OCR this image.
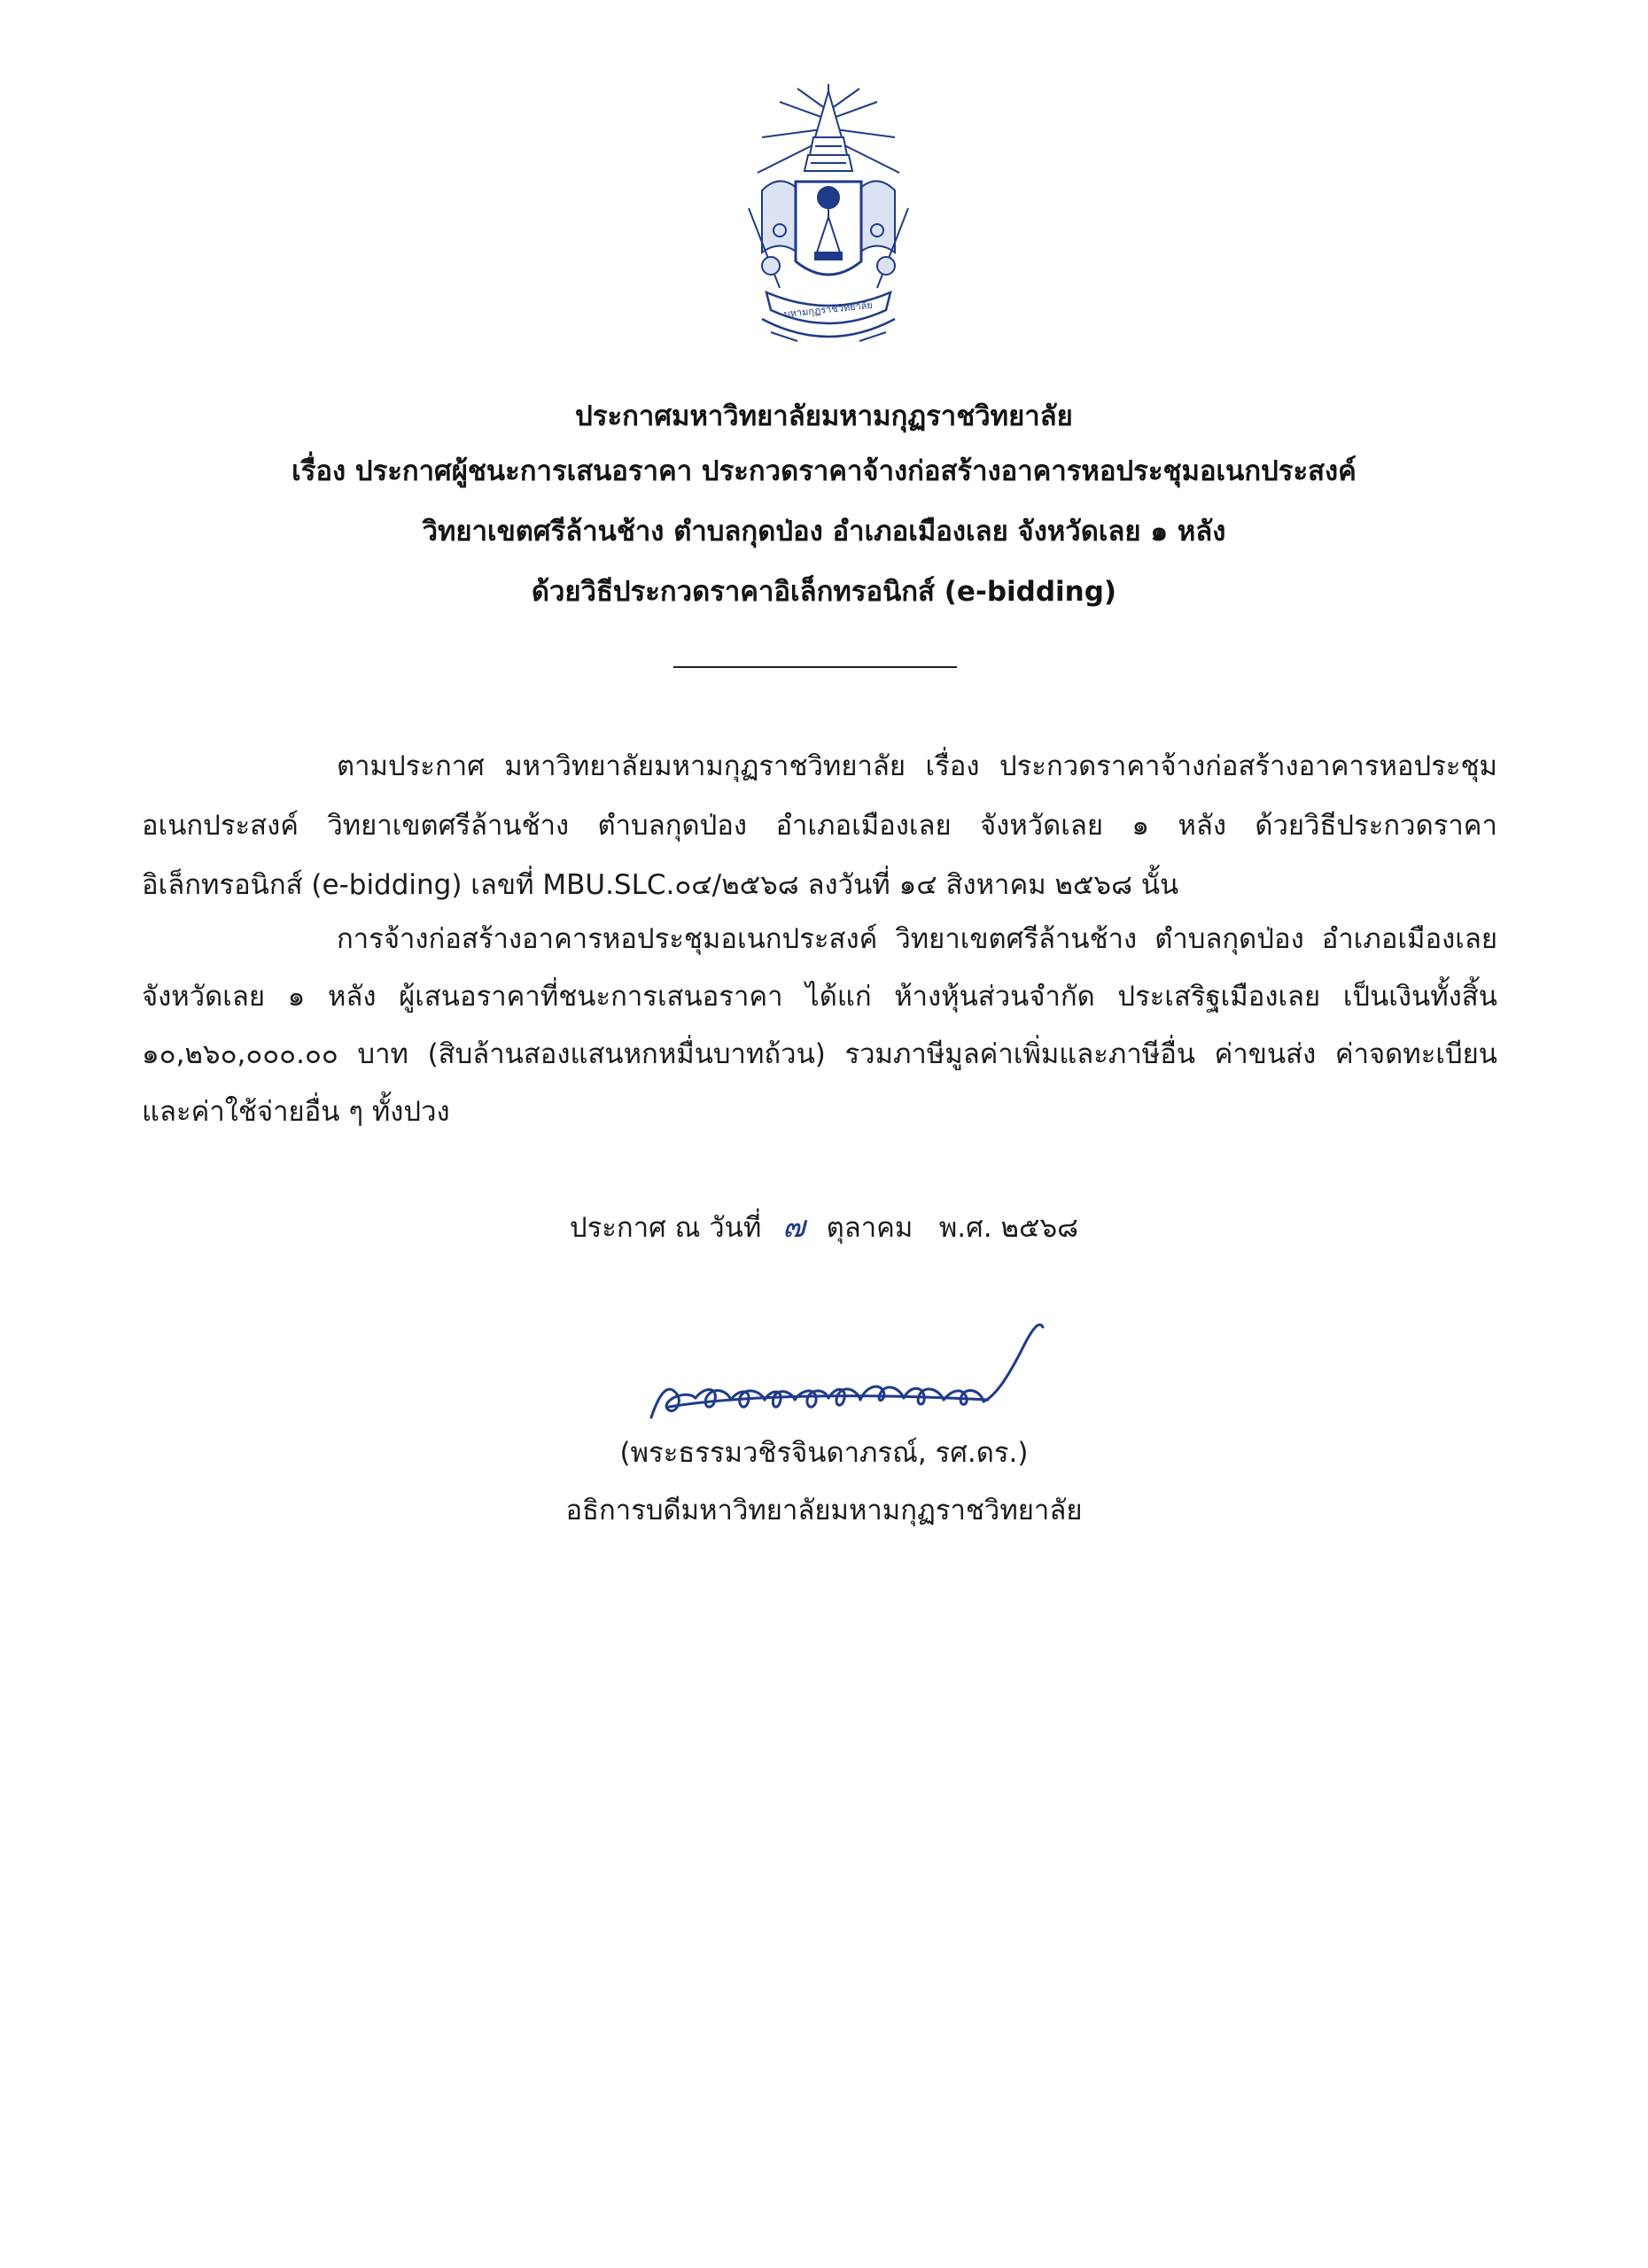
มหามกุฏราชวิทยาลัย
ประกาศมหาวิทยาลัยมหามกุฏราชวิทยาลัย
เรื่อง ประกาศผู้ชนะการเสนอราคา ประกวดราคาจ้างก่อสร้างอาคารหอประชุมอเนกประสงค์
วิทยาเขตศรีล้านช้าง ตำบลกุดป่อง อำเภอเมืองเลย จังหวัดเลย ๑ หลัง
ด้วยวิธีประกวดราคาอิเล็กทรอนิกส์ (e-bidding)
ตามประกาศ มหาวิทยาลัยมหามกุฏราชวิทยาลัย เรื่อง ประกวดราคาจ้างก่อสร้างอาคารหอประชุม
อเนกประสงค์ วิทยาเขตศรีล้านช้าง ตำบลกุดป่อง อำเภอเมืองเลย จังหวัดเลย ๑ หลัง ด้วยวิธีประกวดราคา
อิเล็กทรอนิกส์ (e-bidding) เลขที่ MBU.SLC.๐๔/๒๕๖๘ ลงวันที่ ๑๔ สิงหาคม ๒๕๖๘ นั้น
การจ้างก่อสร้างอาคารหอประชุมอเนกประสงค์ วิทยาเขตศรีล้านช้าง ตำบลกุดป่อง อำเภอเมืองเลย
จังหวัดเลย ๑ หลัง ผู้เสนอราคาที่ชนะการเสนอราคา ได้แก่ ห้างหุ้นส่วนจำกัด ประเสริฐเมืองเลย เป็นเงินทั้งสิ้น
๑๐,๒๖๐,๐๐๐.๐๐ บาท (สิบล้านสองแสนหกหมื่นบาทถ้วน) รวมภาษีมูลค่าเพิ่มและภาษีอื่น ค่าขนส่ง ค่าจดทะเบียน
และค่าใช้จ่ายอื่น ๆ ทั้งปวง
ประกาศ ณ วันที่ ๗ ตุลาคม พ.ศ. ๒๕๖๘
(พระธรรมวชิรจินดาภรณ์, รศ.ดร.)
อธิการบดีมหาวิทยาลัยมหามกุฏราชวิทยาลัย
